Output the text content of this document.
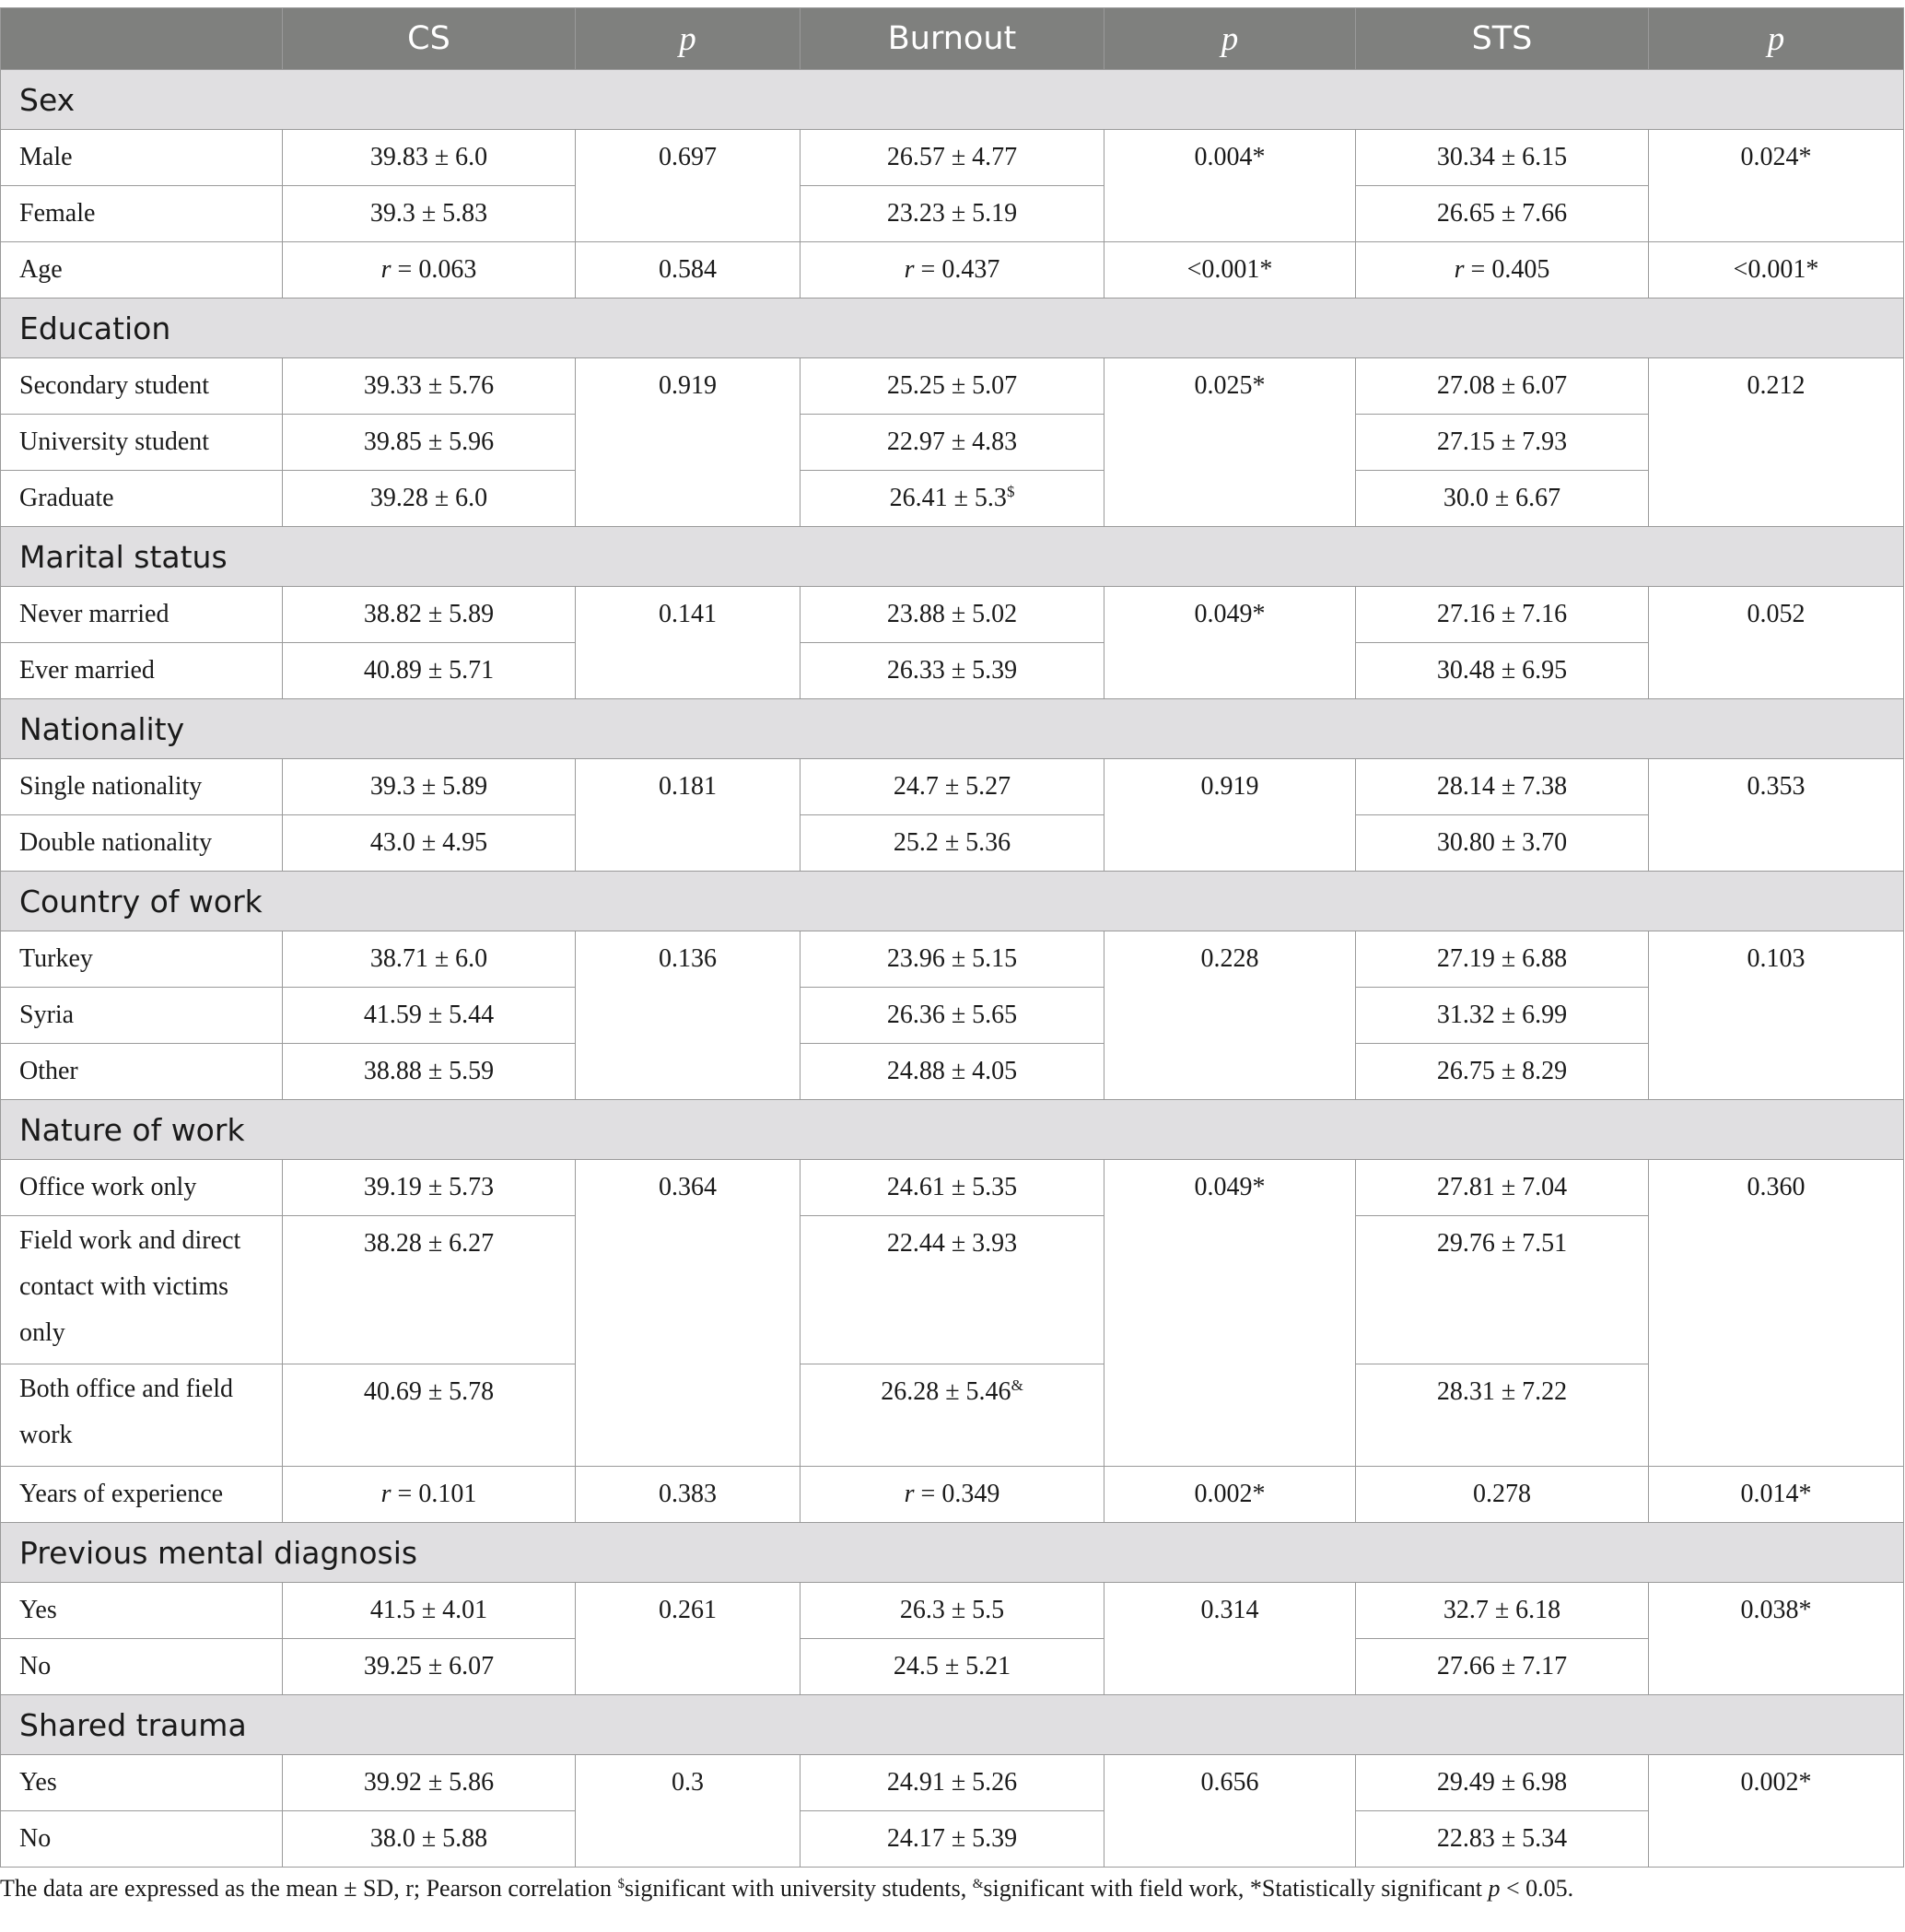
	CS	p	Burnout	p	STS	p
Sex						
Male	39.83 ± 6.0	0.697	26.57 ± 4.77	0.004*	30.34 ± 6.15	0.024*
Female	39.3 ± 5.83		23.23 ± 5.19		26.65 ± 7.66	
Age	r = 0.063	0.584	r = 0.437	<0.001*	r = 0.405	<0.001*
Education						
Secondary student	39.33 ± 5.76	0.919	25.25 ± 5.07	0.025*	27.08 ± 6.07	0.212
University student	39.85 ± 5.96		22.97 ± 4.83		27.15 ± 7.93	
Graduate	39.28 ± 6.0		26.41 ± 5.3$		30.0 ± 6.67	
Marital status						
Never married	38.82 ± 5.89	0.141	23.88 ± 5.02	0.049*	27.16 ± 7.16	0.052
Ever married	40.89 ± 5.71		26.33 ± 5.39		30.48 ± 6.95	
Nationality						
Single nationality	39.3 ± 5.89	0.181	24.7 ± 5.27	0.919	28.14 ± 7.38	0.353
Double nationality	43.0 ± 4.95		25.2 ± 5.36		30.80 ± 3.70	
Country of work						
Turkey	38.71 ± 6.0	0.136	23.96 ± 5.15	0.228	27.19 ± 6.88	0.103
Syria	41.59 ± 5.44		26.36 ± 5.65		31.32 ± 6.99	
Other	38.88 ± 5.59		24.88 ± 4.05		26.75 ± 8.29	
Nature of work						
Office work only	39.19 ± 5.73	0.364	24.61 ± 5.35	0.049*	27.81 ± 7.04	0.360
Field work and direct contact with victims only	38.28 ± 6.27		22.44 ± 3.93		29.76 ± 7.51	
Both office and field work	40.69 ± 5.78		26.28 ± 5.46&		28.31 ± 7.22	
Years of experience	r = 0.101	0.383	r = 0.349	0.002*	0.278	0.014*
Previous mental diagnosis						
Yes	41.5 ± 4.01	0.261	26.3 ± 5.5	0.314	32.7 ± 6.18	0.038*
No	39.25 ± 6.07		24.5 ± 5.21		27.66 ± 7.17	
Shared trauma						
Yes	39.92 ± 5.86	0.3	24.91 ± 5.26	0.656	29.49 ± 6.98	0.002*
No	38.0 ± 5.88		24.17 ± 5.39		22.83 ± 5.34	
The data are expressed as the mean ± SD, r; Pearson correlation $significant with university students, &significant with field work, *Statistically significant p < 0.05.
